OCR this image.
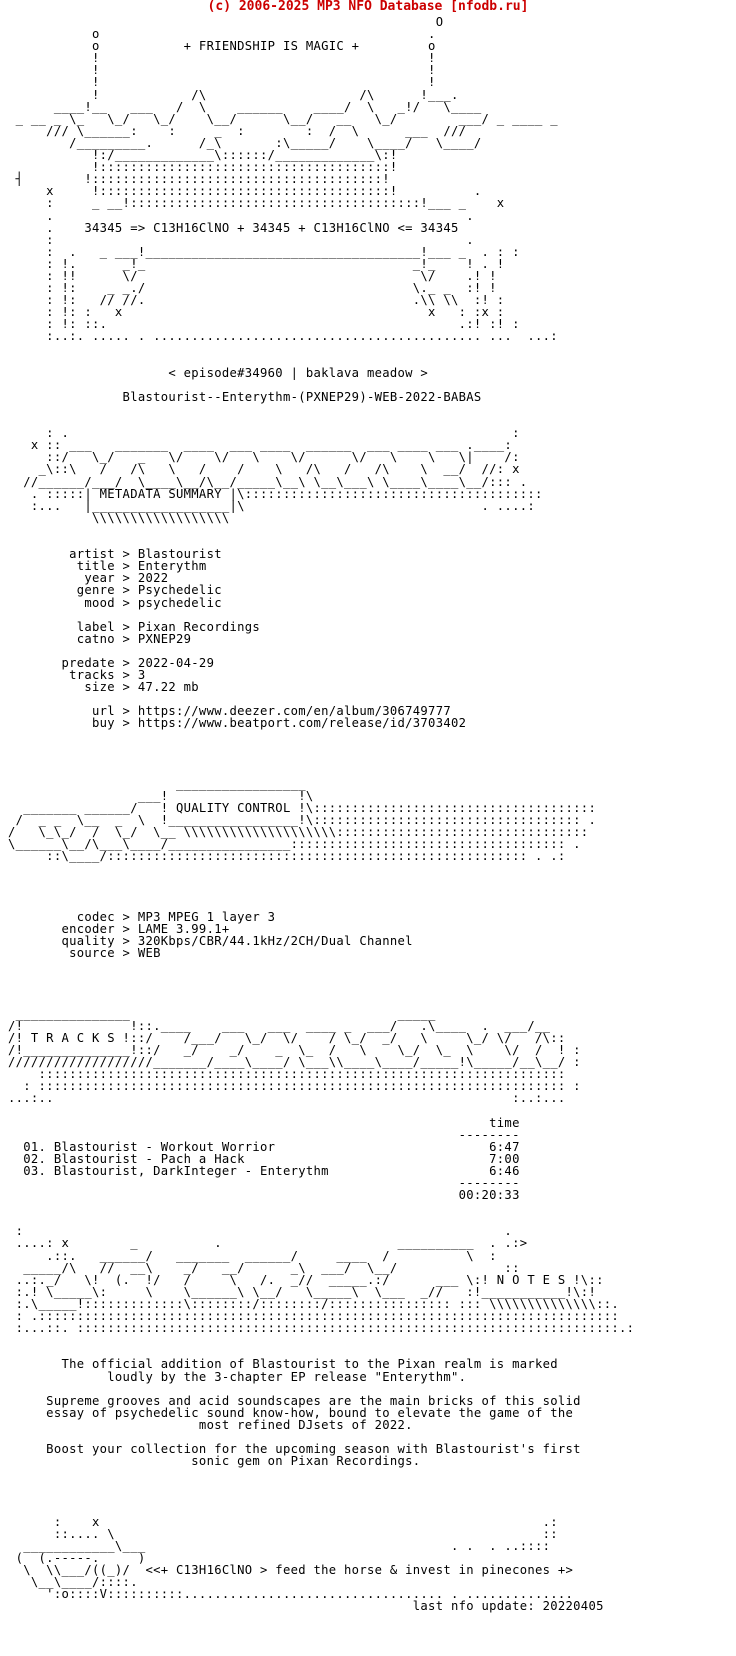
(c) 2006-2025 MP3 NFO Database [nfodb.ru]
O
o                                           .
o           + FRIENDSHIP IS MAGIC +         o
!                                           !
!                                           !
!                                           !
!            /\                    /\      !___.
____!__   ___   /  \    ______    ____/  \   _!/   \____
_ __ _ \_   \_/   \_/    \__/      \__/   __   \_/        ___/ _ ____ _
/// \______:    :     _  :        :  /  \      ___  ///
/_________.      /_\       :\_____/    \____/   \____/
!:/_____________\::::::/_____________\:!
!::::::::::::::::::::::::::::::::::::::!
┤        !::::::::::::::::::::::::::::::::::::::!
x     !::::::::::::::::::::::::::::::::::::::!          .
:     _ __!::::::::::::::::::::::::::::::::::::::!___ _    x
.                                                      .
.    34345 => C13H16ClNO + 34345 + C13H16ClNO <= 34345
:                                                      .
:  .   _ ___!____________________________________!___ _  . : :
: !.      _!_                                   _!_    ! . !
: !!      \/                                     \/    .! !
: !:    _ _./                                   \._ _  :! !
: !:   // //.                                   .\\ \\  :! :
: !: :   x                                        x   : :x :
: !: ::.                                              .:! :! :
:..:. ..... . ........................................... ...  ...:

< episode#34960 | baklava meadow >

Blastourist--Enterythm-(PXNEP29)-WEB-2022-BABAS

: .                                                          :
x :: ___   _______  ____  ___ ____  ______  ___ ____ ___ .____:
::/   \_/   _   \/    \/   \    \/      \/   \    \   \|    /:
_\::\   /   /\   \   /    /    \   /\   /   /\    \  __/  //: x
//______/___/  \____\__/\__/_____\__\ \__\___\ \____\____\__/::: .
. :::::| METADATA SUMMARY |\:::::::::::::::::::::::::::::::::::::::
:...   |__________________|\                               . ....:
\\\\\\\\\\\\\\\\\\

artist > Blastourist
title > Enterythm
year > 2022
genre > Psychedelic
mood > psychedelic

label > Pixan Recordings
catno > PXNEP29

predate > 2022-04-29
tracks > 3
size > 47.22 mb

url > https://www.deezer.com/en/album/306749777
buy > https://www.beatport.com/release/id/3703402

_________________
___!                 !\
_______ ______/   ! QUALITY CONTROL !\:::::::::::::::::::::::::::::::::::::
/  _ _  \__  _  \  !_________________!\::::::::::::::::::::::::::::::::::: .
/   \_\_/  /  \_/  \__ \\\\\\\\\\\\\\\\\\\\:::::::::::::::::::::::::::::::::
\______\__/\___\____/________________:::::::::::::::::::::::::::::::::::: .
::\____/::::::::::::::::::::::::::::::::::::::::::::::::::::::: . .:

codec > MP3 MPEG 1 layer 3
encoder > LAME 3.99.1+
quality > 320Kbps/CBR/44.1kHz/2CH/Dual Channel
source > WEB

_______________                                   _____
/!              !::.____    ___   ___  ____ _  ___/   .\____  .  ___/__
/! T R A C K S !::/    /___/   \_/  \/    / \_/  _/   \     \_/ \/   /\::
/!______________!::/   _/    _/    _  \_  /   \    \_/  \_  \    \/  /  ! :
///////////////////_______/____\____/ \___\\____\____/_____!\_____/__\__/ :
:::::::::::::::::::::::::::::::::::::::::::::::::::::::::::::::::::::
: ::::::::::::::::::::::::::::::::::::::::::::::::::::::::::::::::::::: :
...:..                                                            :..:...

time
--------
01. Blastourist - Workout Worrior                            6:47
02. Blastourist - Pach a Hack                                7:00
03. Blastourist, DarkInteger - Enterythm                     6:46
--------
00:20:33

:                                                               .
....: x        _          .                       __________  . .:>
.::.   ______/   _______  ______/     ____  /          \  :
_____/\   //  __\    _/   __/      _\  ___/  \__/              ::
..:._/   \!  (.  !/   /     \   /.  _//  _____.:/      ___ \:! N O T E S !\::
:.! \_____\:     \    \______\ \__/   \_____\  \___  _//   :!___________!\:!
:.\_____!:::::::::::::\::::::::/::::::::/:::::::::::::::: ::: \\\\\\\\\\\\\\::.
: .::::::::::::::::::::::::::::::::::::::::::::::::::::::::::::::::::::::::::::
:...::. :::::::::::::::::::::::::::::::::::::::::::::::::::::::::::::::::::::::.:

The official addition of Blastourist to the Pixan realm is marked
loudly by the 3-chapter EP release "Enterythm".

Supreme grooves and acid soundscapes are the main bricks of this solid
essay of psychedelic sound know-how, bound to elevate the game of the
most refined DJsets of 2022.

Boost your collection for the upcoming season with Blastourist's first
sonic gem on Pixan Recordings.

:    x                                                          .:
::.... \                                                        ::
____________\___                                        . .  . ..::::
(  (.-----.     )
\  \\___/((_)/  <<+ C13H16ClNO > feed the horse & invest in pinecones +>
\__\____/::::.
':o::::V::::::::::.................................. . ..............
last nfo update: 20220405
